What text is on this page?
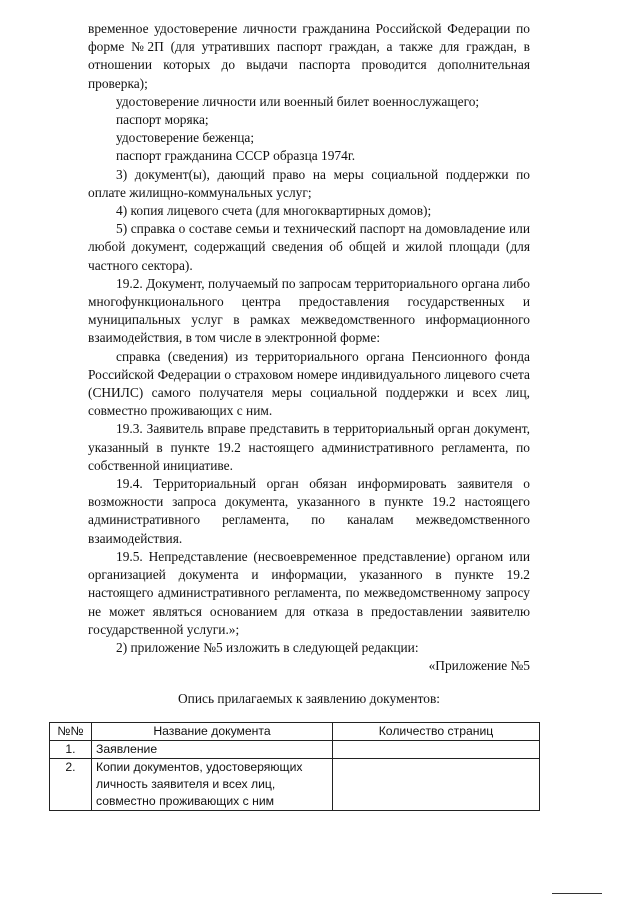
временное удостоверение личности гражданина Российской Федерации по форме №2П (для утративших паспорт граждан, а также для граждан, в отношении которых до выдачи паспорта проводится дополнительная проверка);

удостоверение личности или военный билет военнослужащего;

паспорт моряка;

удостоверение беженца;

паспорт гражданина СССР образца 1974г.

3) документ(ы), дающий право на меры социальной поддержки по оплате жилищно-коммунальных услуг;

4) копия лицевого счета (для многоквартирных домов);

5) справка о составе семьи и технический паспорт на домовладение или любой документ, содержащий сведения об общей и жилой площади (для частного сектора).

19.2. Документ, получаемый по запросам территориального органа либо многофункционального центра предоставления государственных и муниципальных услуг в рамках межведомственного информационного взаимодействия, в том числе в электронной форме:

справка (сведения) из территориального органа Пенсионного фонда Российской Федерации о страховом номере индивидуального лицевого счета (СНИЛС) самого получателя меры социальной поддержки и всех лиц, совместно проживающих с ним.

19.3. Заявитель вправе представить в территориальный орган документ, указанный в пункте 19.2 настоящего административного регламента, по собственной инициативе.

19.4. Территориальный орган обязан информировать заявителя о возможности запроса документа, указанного в пункте 19.2 настоящего административного регламента, по каналам межведомственного взаимодействия.

19.5. Непредставление (несвоевременное представление) органом или организацией документа и информации, указанного в пункте 19.2 настоящего административного регламента, по межведомственному запросу не может являться основанием для отказа в предоставлении заявителю государственной услуги.»;

2) приложение №5 изложить в следующей редакции:

«Приложение №5

Опись прилагаемых к заявлению документов:
№№	Название документа	Количество страниц
1.	Заявление	
2.	Копии документов, удостоверяющих личность заявителя и всех лиц, совместно проживающих с ним	
